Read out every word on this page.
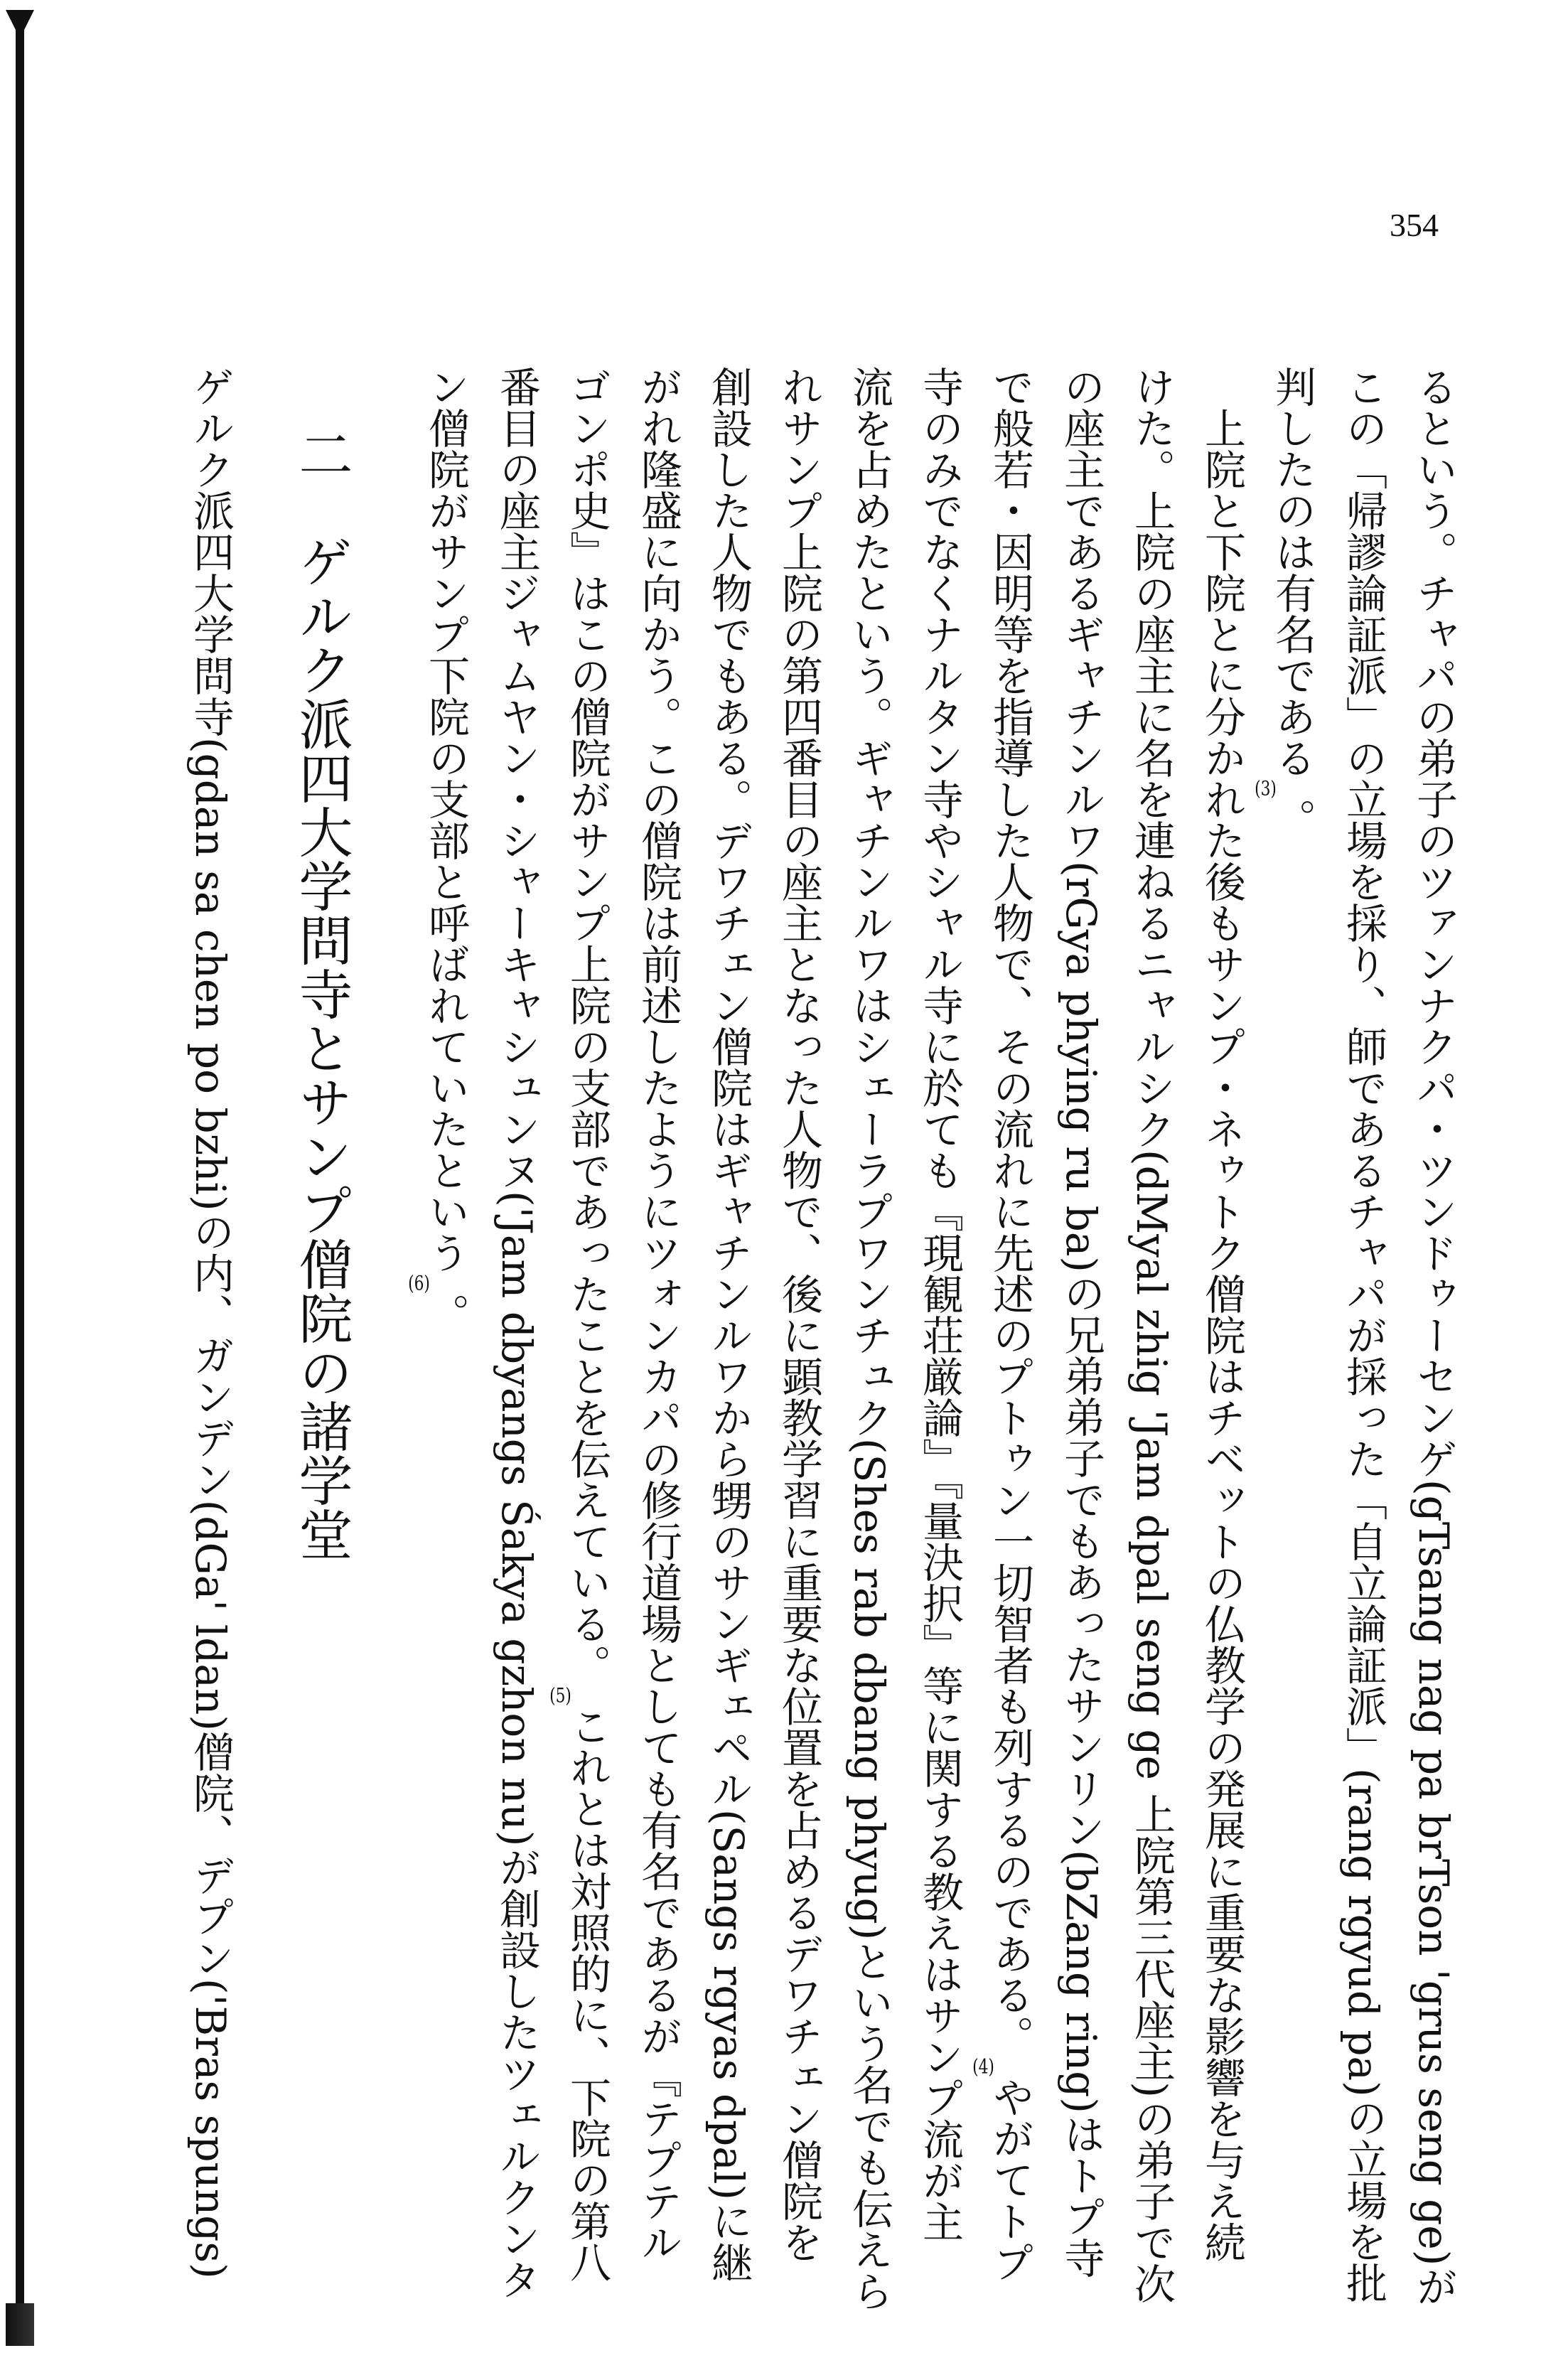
354
るという。チャパの弟子のツァンナクパ・ツンドゥーセンゲ(gTsang nag pa brTson 'grus seng ge)が
この「帰謬論証派」の立場を採り、師であるチャパが採った「自立論証派」(rang rgyud pa)の立場を批
判したのは有名である(3)。
上院と下院とに分かれた後もサンプ・ネゥトク僧院はチベットの仏教学の発展に重要な影響を与え続
けた。上院の座主に名を連ねるニャルシク(dMyal zhig 'Jam dpal seng ge 上院第三代座主)の弟子で次
の座主であるギャチンルワ(rGya phying ru ba)の兄弟弟子でもあったサンリン(bZang ring)はトプ寺
で般若・因明等を指導した人物で、その流れに先述のプトゥン一切智者も列するのである。(4)やがてトプ
寺のみでなくナルタン寺やシャル寺に於ても『現観荘厳論』『量決択』等に関する教えはサンプ流が主
流を占めたという。ギャチンルワはシェーラプワンチュク(Shes rab dbang phyug)という名でも伝えら
れサンプ上院の第四番目の座主となった人物で、後に顕教学習に重要な位置を占めるデワチェン僧院を
創設した人物でもある。デワチェン僧院はギャチンルワから甥のサンギェペル(Sangs rgyas dpal)に継
がれ隆盛に向かう。この僧院は前述したようにツォンカパの修行道場としても有名であるが『テプテル
ゴンポ史』はこの僧院がサンプ上院の支部であったことを伝えている。(5)これとは対照的に、下院の第八
番目の座主ジャムヤン・シャーキャシュンヌ('Jam dbyangs Śakya gzhon nu)が創設したツェルクンタ
ン僧院がサンプ下院の支部と呼ばれていたという(6)。
二　ゲルク派四大学問寺とサンプ僧院の諸学堂
ゲルク派四大学問寺(gdan sa chen po bzhi)の内、ガンデン(dGa' ldan)僧院、デプン('Bras spungs)
